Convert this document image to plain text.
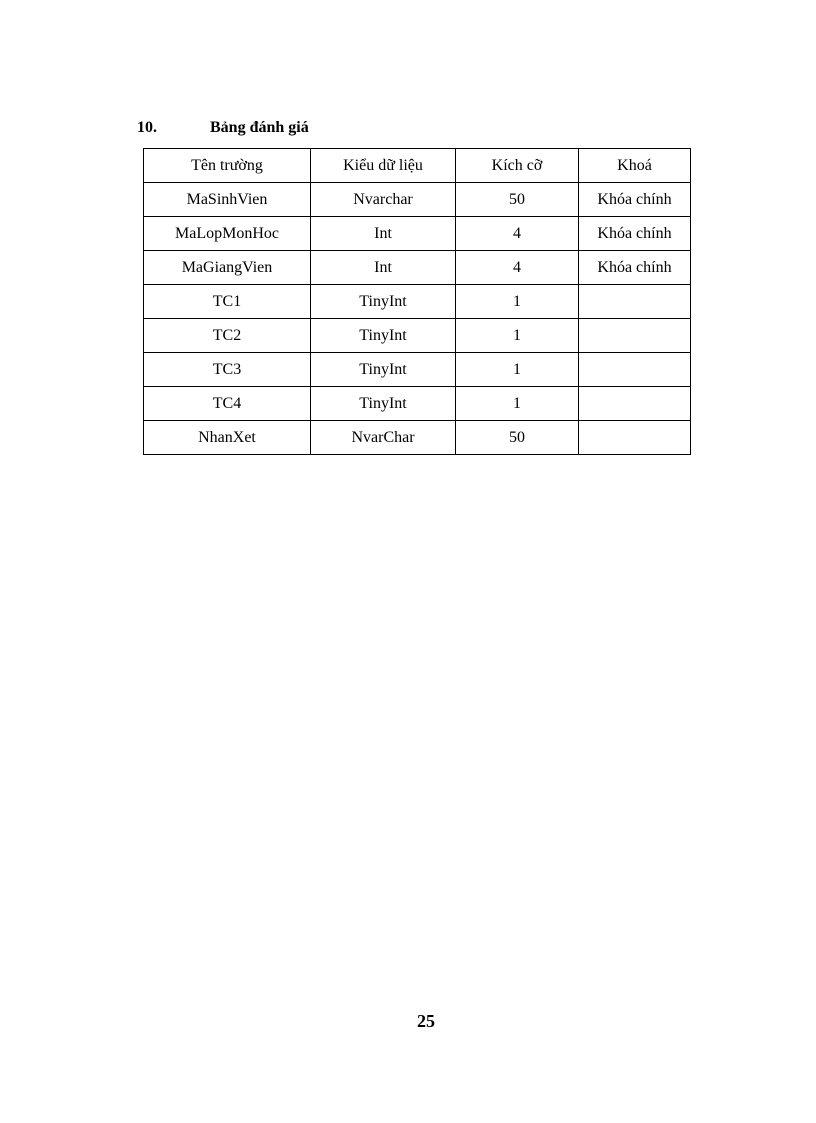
10.	Bảng đánh giá
Tên trường	Kiểu dữ liệu	Kích cỡ	Khoá
MaSinhVien	Nvarchar	50	Khóa chính
MaLopMonHoc	Int	4	Khóa chính
MaGiangVien	Int	4	Khóa chính
TC1	TinyInt	1	
TC2	TinyInt	1	
TC3	TinyInt	1	
TC4	TinyInt	1	
NhanXet	NvarChar	50	
25
